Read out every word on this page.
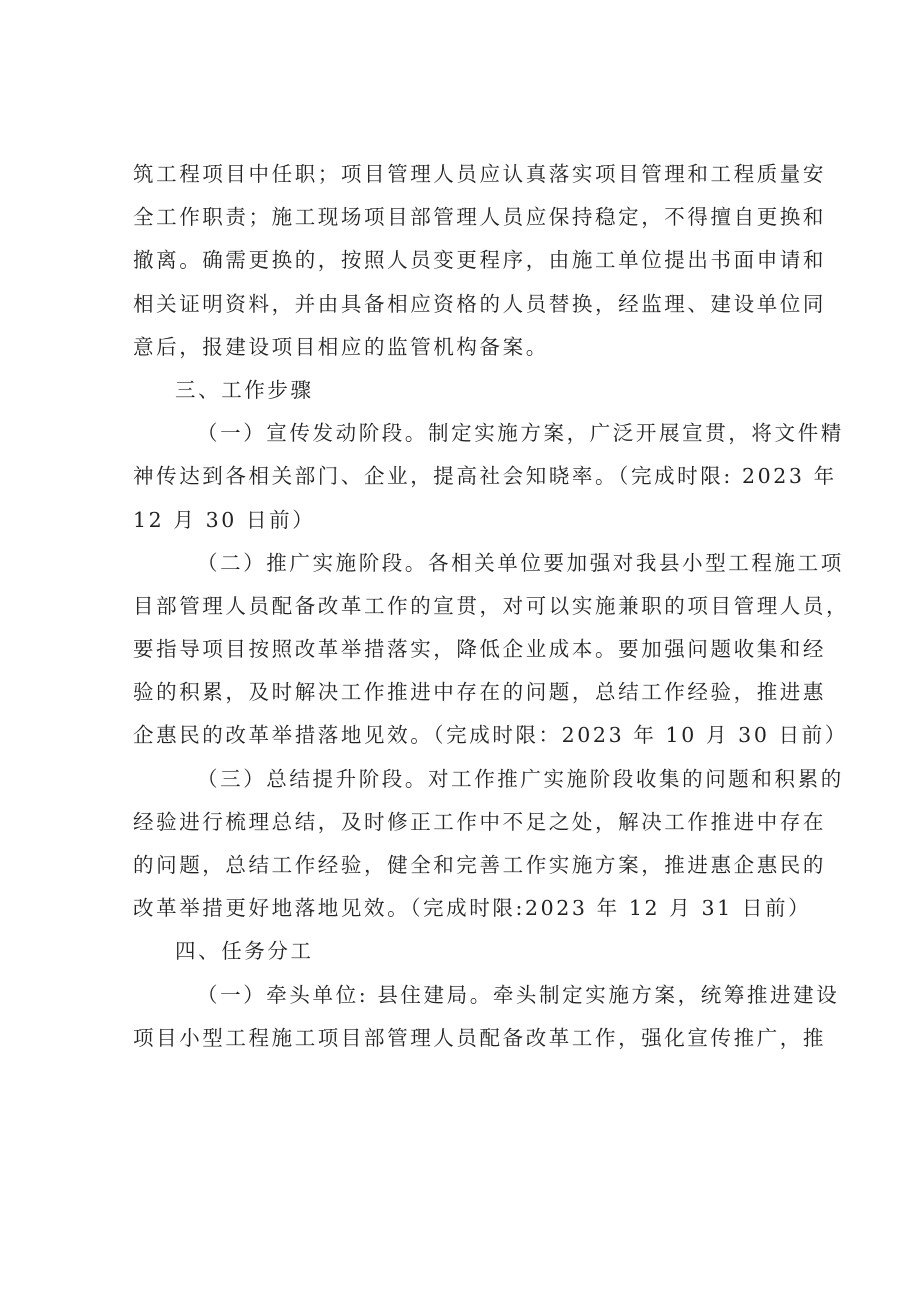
筑工程项目中任职；项目管理人员应认真落实项目管理和工程质量安
全工作职责；施工现场项目部管理人员应保持稳定，不得擅自更换和
撤离。确需更换的，按照人员变更程序，由施工单位提出书面申请和
相关证明资料，并由具备相应资格的人员替换，经监理、建设单位同
意后，报建设项目相应的监管机构备案。
三、工作步骤
（一）宣传发动阶段。制定实施方案，广泛开展宣贯，将文件精
神传达到各相关部门、企业，提高社会知晓率。（完成时限: 2023 年
12 月 30 日前）
（二）推广实施阶段。各相关单位要加强对我县小型工程施工项
目部管理人员配备改革工作的宣贯，对可以实施兼职的项目管理人员，
要指导项目按照改革举措落实，降低企业成本。要加强问题收集和经
验的积累，及时解决工作推进中存在的问题，总结工作经验，推进惠
企惠民的改革举措落地见效。（完成时限：2023 年 10 月 30 日前）
（三）总结提升阶段。对工作推广实施阶段收集的问题和积累的
经验进行梳理总结，及时修正工作中不足之处，解决工作推进中存在
的问题，总结工作经验，健全和完善工作实施方案，推进惠企惠民的
改革举措更好地落地见效。（完成时限:2023 年 12 月 31 日前）
四、任务分工
（一）牵头单位: 县住建局。牵头制定实施方案，统筹推进建设
项目小型工程施工项目部管理人员配备改革工作，强化宣传推广，推
